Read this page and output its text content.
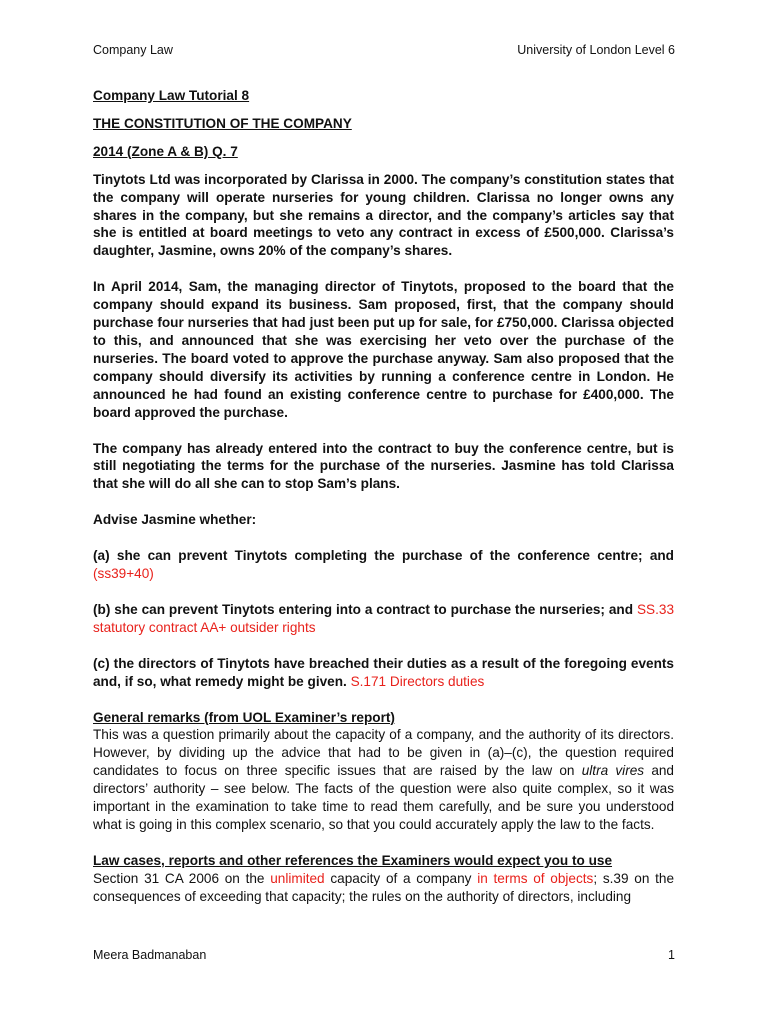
Company Law	University of London Level 6

Company Law Tutorial 8

THE CONSTITUTION OF THE COMPANY

2014 (Zone A & B) Q. 7

Tinytots Ltd was incorporated by Clarissa in 2000. The company’s constitution states that the company will operate nurseries for young children. Clarissa no longer owns any shares in the company, but she remains a director, and the company’s articles say that she is entitled at board meetings to veto any contract in excess of £500,000. Clarissa’s daughter, Jasmine, owns 20% of the company’s shares.

In April 2014, Sam, the managing director of Tinytots, proposed to the board that the company should expand its business. Sam proposed, first, that the company should purchase four nurseries that had just been put up for sale, for £750,000. Clarissa objected to this, and announced that she was exercising her veto over the purchase of the nurseries. The board voted to approve the purchase anyway. Sam also proposed that the company should diversify its activities by running a conference centre in London. He announced he had found an existing conference centre to purchase for £400,000. The board approved the purchase.

The company has already entered into the contract to buy the conference centre, but is still negotiating the terms for the purchase of the nurseries. Jasmine has told Clarissa that she will do all she can to stop Sam’s plans.

Advise Jasmine whether:

(a) she can prevent Tinytots completing the purchase of the conference centre; and (ss39+40)

(b) she can prevent Tinytots entering into a contract to purchase the nurseries; and SS.33 statutory contract AA+ outsider rights

(c) the directors of Tinytots have breached their duties as a result of the foregoing events and, if so, what remedy might be given. S.171 Directors duties

General remarks (from UOL Examiner’s report)

This was a question primarily about the capacity of a company, and the authority of its directors. However, by dividing up the advice that had to be given in (a)–(c), the question required candidates to focus on three specific issues that are raised by the law on ultra vires and directors’ authority – see below. The facts of the question were also quite complex, so it was important in the examination to take time to read them carefully, and be sure you understood what is going in this complex scenario, so that you could accurately apply the law to the facts.

Law cases, reports and other references the Examiners would expect you to use

Section 31 CA 2006 on the unlimited capacity of a company in terms of objects; s.39 on the consequences of exceeding that capacity; the rules on the authority of directors, including

Meera Badmanaban	1
